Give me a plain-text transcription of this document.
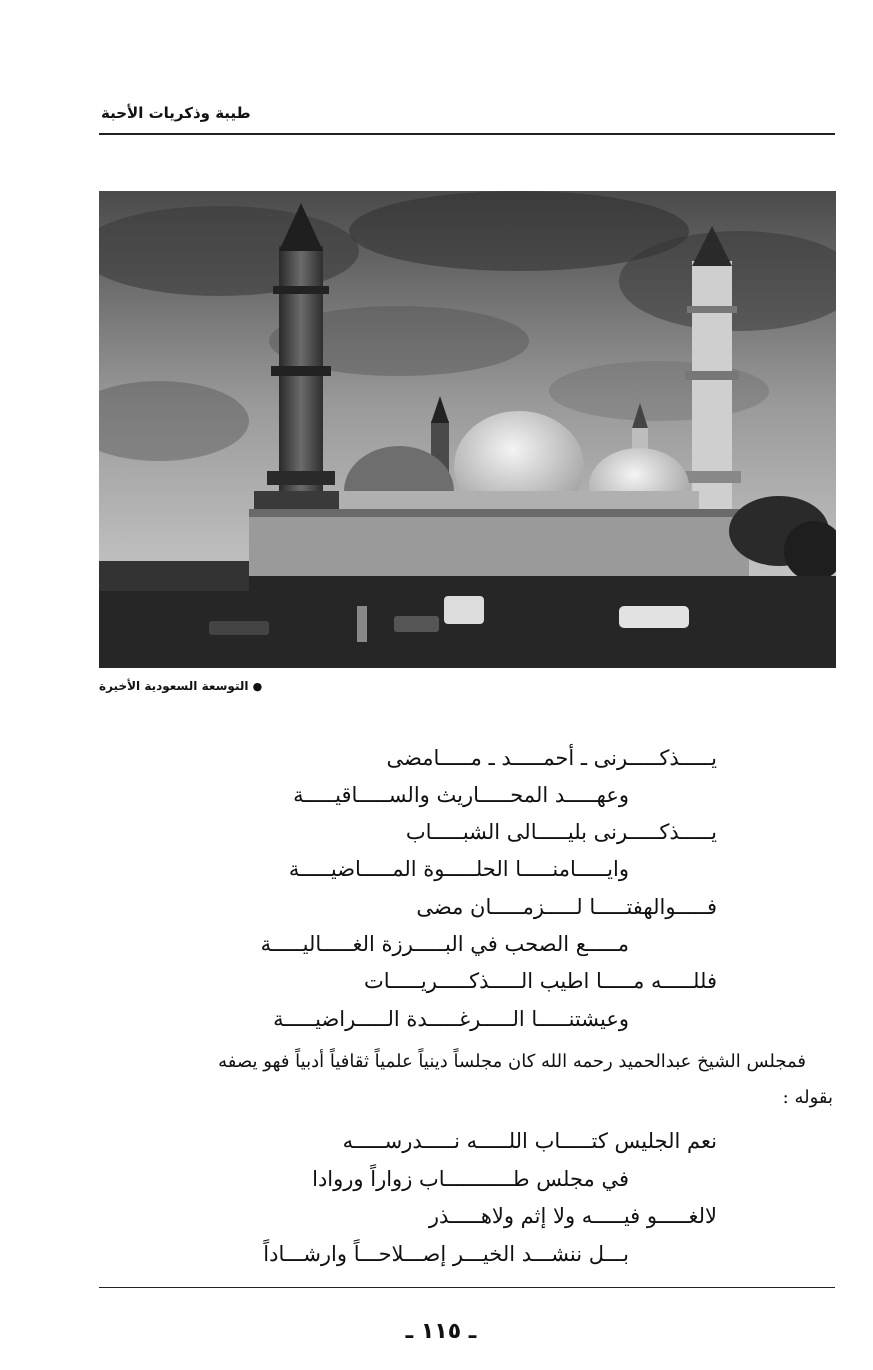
طيبة وذكريات الأحبة
● التوسعة السعودية الأخيرة
يـــــذكـــــرنى ـ أحمـــــد ـ مـــــامضى
وعهـــــد المحـــــاريث والســـــاقيـــــة
يـــــذكـــــرنى بليـــــالى الشبـــــاب
وايـــــامنـــــا الحلـــــوة المـــــاضيـــــة
فـــــوالهفتـــــا لـــــزمـــــان مضى
مـــــع الصحب في البـــــرزة الغـــــاليـــــة
فللـــــه مـــــا اطيب الـــــذكـــــريـــــات
وعيشتنـــــا الـــــرغـــــدة الـــــراضيـــــة
فمجلس الشيخ عبدالحميد رحمه الله كان مجلساً دينياً علمياً ثقافياً أدبياً فهو يصفه
بقوله :
نعم الجليس كتـــــاب اللـــــه نـــــدرســـــه
في مجلس طـــــــــــاب زواراً وروادا
لالغـــــو فيـــــه ولا إثم ولاهـــــذر
بـــل ننشـــد الخيـــر إصـــلاحـــاً وارشـــاداً
ـ ١١٥ ـ
